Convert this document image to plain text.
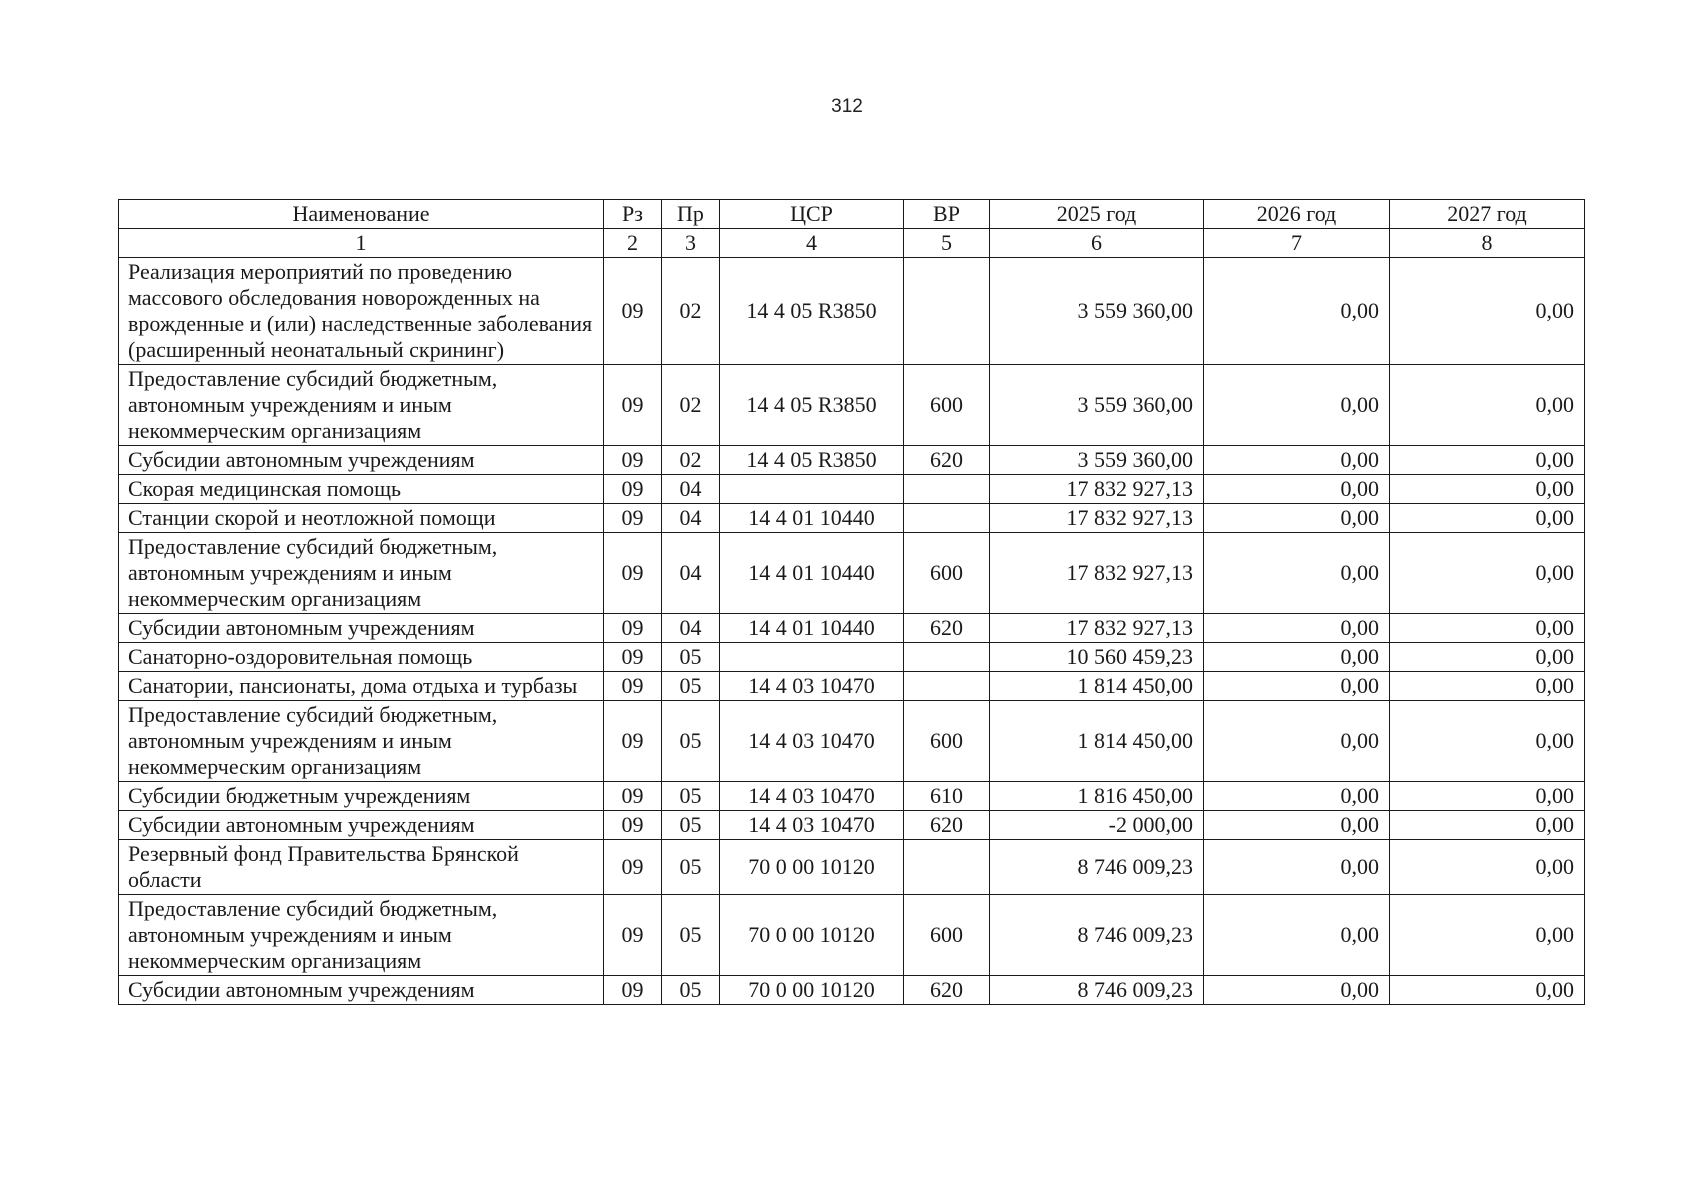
312
Наименование	Рз	Пр	ЦСР	ВР	2025 год	2026 год	2027 год
1	2	3	4	5	6	7	8
Реализация мероприятий по проведению массового обследования новорожденных на врожденные и (или) наследственные заболевания (расширенный неонатальный скрининг)	09	02	14 4 05 R3850		3 559 360,00	0,00	0,00
Предоставление субсидий бюджетным, автономным учреждениям и иным некоммерческим организациям	09	02	14 4 05 R3850	600	3 559 360,00	0,00	0,00
Субсидии автономным учреждениям	09	02	14 4 05 R3850	620	3 559 360,00	0,00	0,00
Скорая медицинская помощь	09	04			17 832 927,13	0,00	0,00
Станции скорой и неотложной помощи	09	04	14 4 01 10440		17 832 927,13	0,00	0,00
Предоставление субсидий бюджетным, автономным учреждениям и иным некоммерческим организациям	09	04	14 4 01 10440	600	17 832 927,13	0,00	0,00
Субсидии автономным учреждениям	09	04	14 4 01 10440	620	17 832 927,13	0,00	0,00
Санаторно-оздоровительная помощь	09	05			10 560 459,23	0,00	0,00
Санатории, пансионаты, дома отдыха и турбазы	09	05	14 4 03 10470		1 814 450,00	0,00	0,00
Предоставление субсидий бюджетным, автономным учреждениям и иным некоммерческим организациям	09	05	14 4 03 10470	600	1 814 450,00	0,00	0,00
Субсидии бюджетным учреждениям	09	05	14 4 03 10470	610	1 816 450,00	0,00	0,00
Субсидии автономным учреждениям	09	05	14 4 03 10470	620	-2 000,00	0,00	0,00
Резервный фонд Правительства Брянской области	09	05	70 0 00 10120		8 746 009,23	0,00	0,00
Предоставление субсидий бюджетным, автономным учреждениям и иным некоммерческим организациям	09	05	70 0 00 10120	600	8 746 009,23	0,00	0,00
Субсидии автономным учреждениям	09	05	70 0 00 10120	620	8 746 009,23	0,00	0,00
